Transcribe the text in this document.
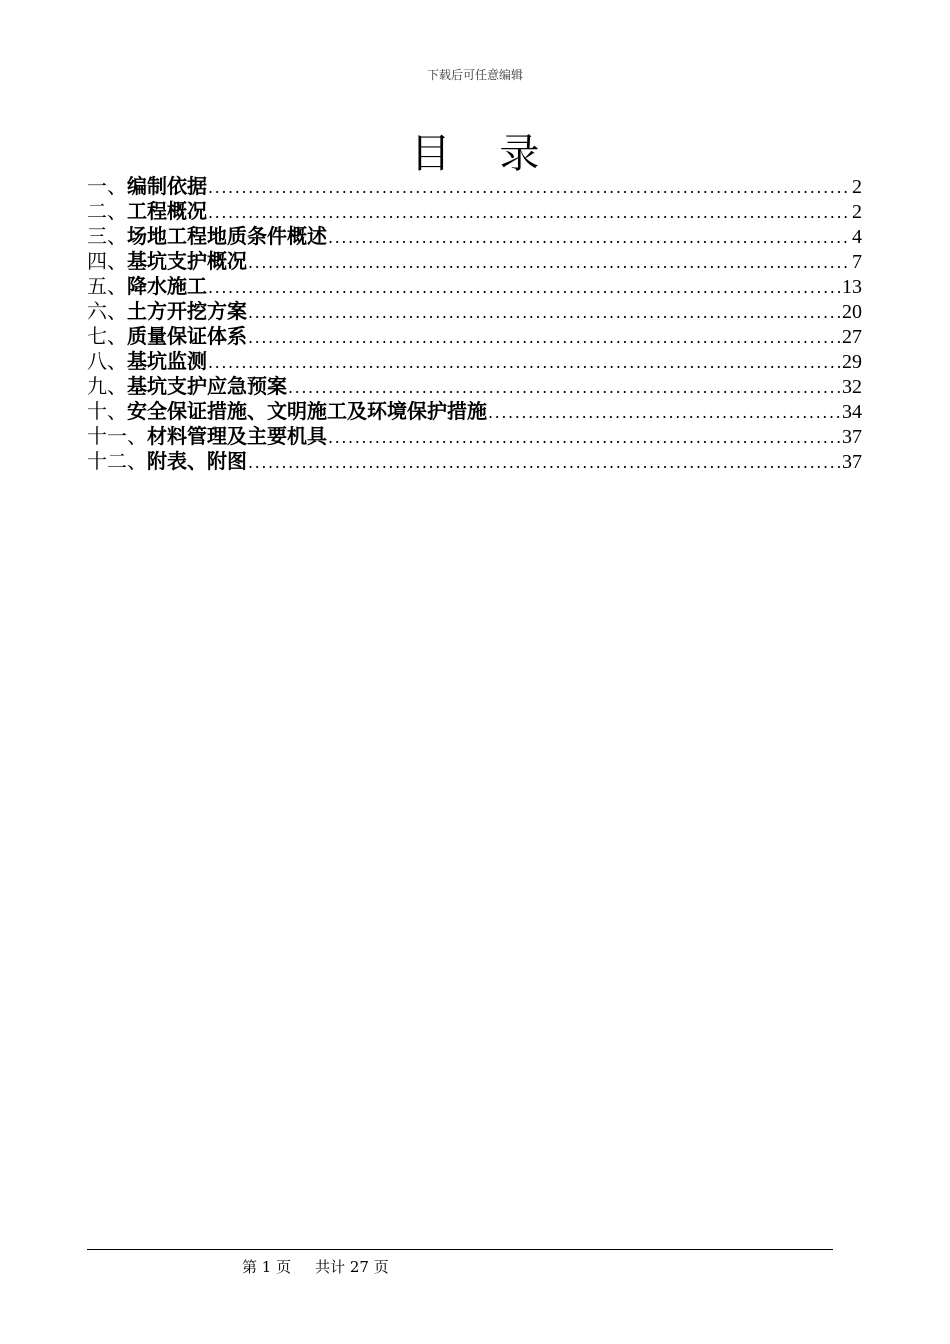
下载后可任意编辑
目 录
一、 编制依据 .....	2
二、 工程概况 .....	2
三、 场地工程地质条件概述 .....	4
四、 基坑支护概况 .....	7
五、 降水施工 .....	13
六、 土方开挖方案 .....	20
七、 质量保证体系 .....	27
八、 基坑监测 .....	29
九、 基坑支护应急预案 .....	32
十、 安全保证措施、文明施工及环境保护措施 .....	34
十一、 材料管理及主要机具 .....	37
十二、 附表、附图 .....	37
第 1 页 共计 27 页
